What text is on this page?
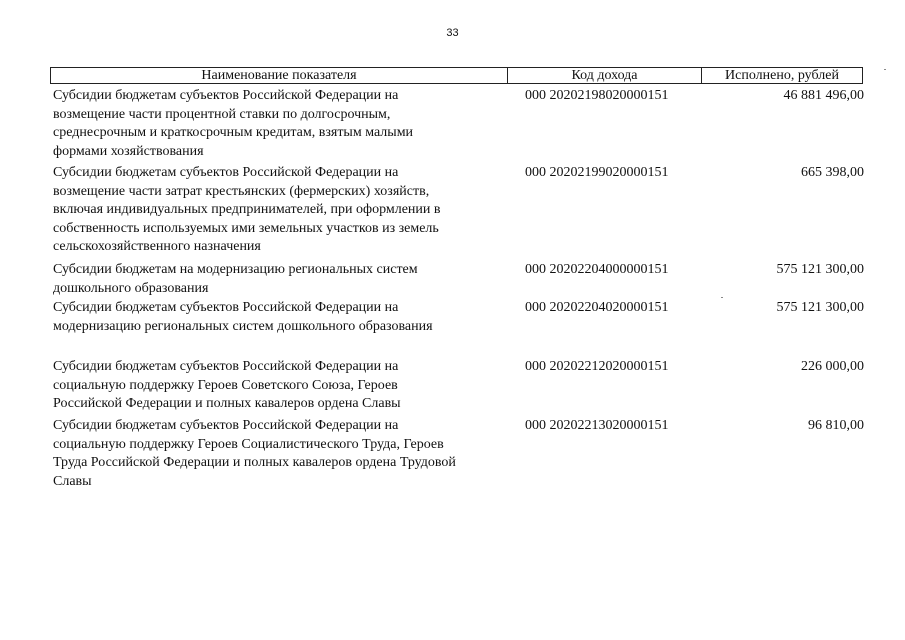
33
Наименование показателя	Код дохода	Исполнено, рублей
Субсидии бюджетам субъектов Российской Федерации на
возмещение части процентной ставки по долгосрочным,
среднесрочным и краткосрочным кредитам, взятым малыми
формами хозяйствования
000 20202198020000151	46 881 496,00
Субсидии бюджетам субъектов Российской Федерации на
возмещение части затрат крестьянских (фермерских) хозяйств,
включая индивидуальных предпринимателей, при оформлении в
собственность используемых ими земельных участков из земель
сельскохозяйственного назначения
000 20202199020000151	665 398,00
Субсидии бюджетам на модернизацию региональных систем
дошкольного образования
000 20202204000000151	575 121 300,00
Субсидии бюджетам субъектов Российской Федерации на
модернизацию региональных систем дошкольного образования
000 20202204020000151	575 121 300,00
Субсидии бюджетам субъектов Российской Федерации на
социальную поддержку Героев Советского Союза, Героев
Российской Федерации и полных кавалеров ордена Славы
000 20202212020000151	226 000,00
Субсидии бюджетам субъектов Российской Федерации на
социальную поддержку Героев Социалистического Труда, Героев
Труда Российской Федерации и полных кавалеров ордена Трудовой
Славы
000 20202213020000151	96 810,00
